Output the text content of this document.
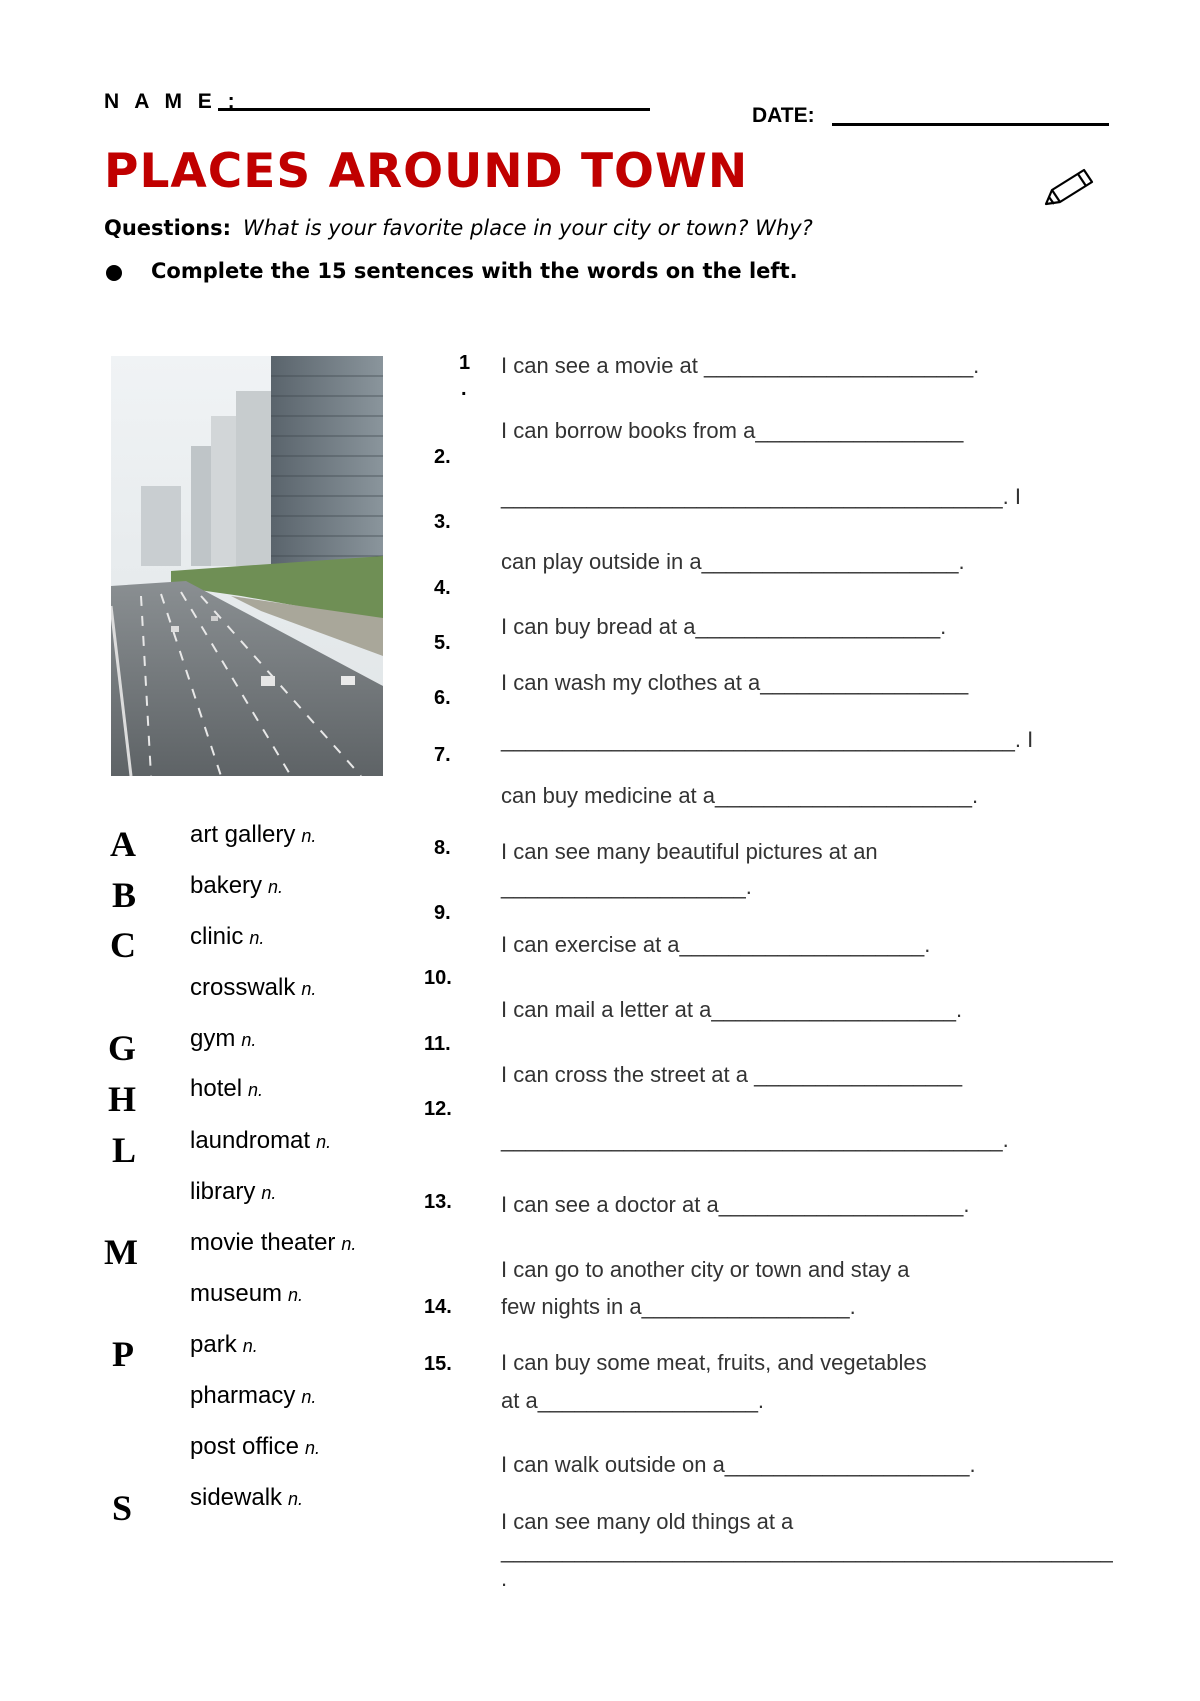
N A M E :
DATE:
PLACES AROUND TOWN
Questions: What is your favorite place in your city or town? Why?
Complete the 15 sentences with the words on the left.
A art gallery n.
B bakery n.
C clinic n.
crosswalk n.
G gym n.
H hotel n.
L laundromat n.
library n.
M movie theater n.
museum n.
P park n.
pharmacy n.
post office n.
S sidewalk n.
1
.
2.
3.
4.
5.
6.
7.
8.
9.
10.
11.
12.
13.
14.
15.
I can see a movie at ______________________.
I can borrow books from a_________________
_________________________________________. I
can play outside in a_____________________.
I can buy bread at a____________________.
I can wash my clothes at a_________________
__________________________________________. I
can buy medicine at a_____________________.
I can see many beautiful pictures at an
____________________.
I can exercise at a____________________.
I can mail a letter at a____________________.
I can cross the street at a _________________
_________________________________________.
I can see a doctor at a____________________.
I can go to another city or town and stay a
few nights in a_________________.
I can buy some meat, fruits, and vegetables
at a__________________.
I can walk outside on a____________________.
I can see many old things at a
__________________________________________________
.
